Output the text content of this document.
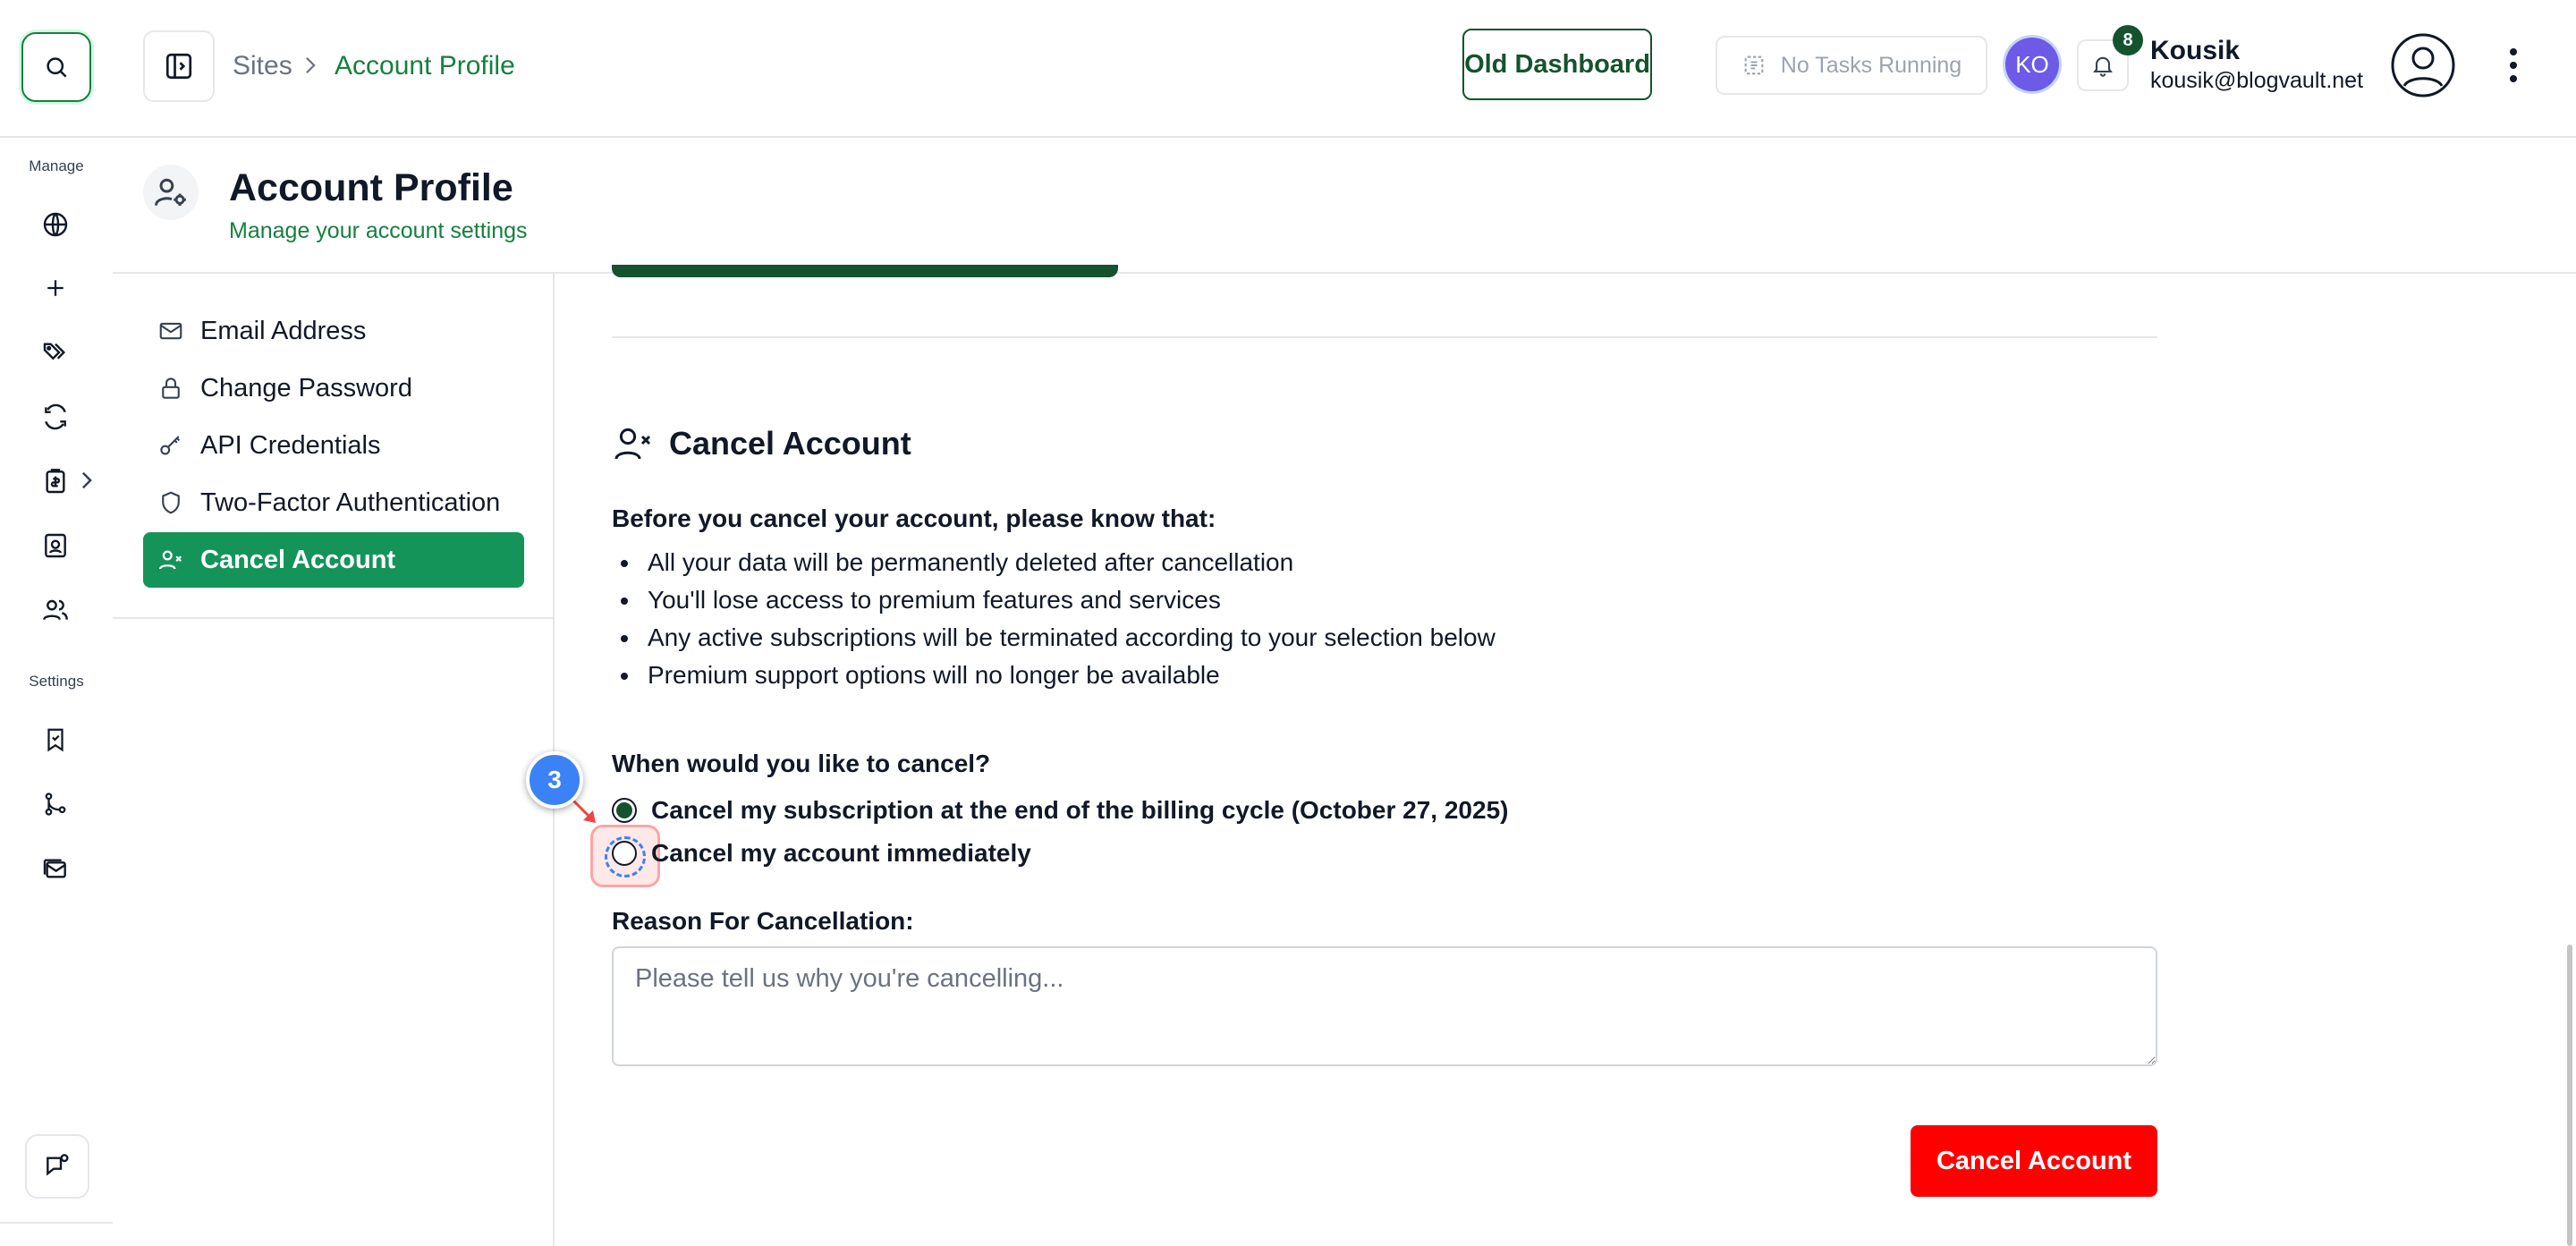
Manage
Settings
Sites Account Profile	Old Dashboard	No Tasks Running	KO
8 Kousik
kousik@blogvault.net
Account Profile
Manage your account settings
Email Address
Change Password
API Credentials
Two-Factor Authentication
Cancel Account
Cancel Account
Before you cancel your account, please know that:
All your data will be permanently deleted after cancellation
You'll lose access to premium features and services
Any active subscriptions will be terminated according to your selection below
Premium support options will no longer be available
When would you like to cancel?
Cancel my subscription at the end of the billing cycle (October 27, 2025)
Cancel my account immediately
3
Reason For Cancellation:
Please tell us why you're cancelling...
Cancel Account
